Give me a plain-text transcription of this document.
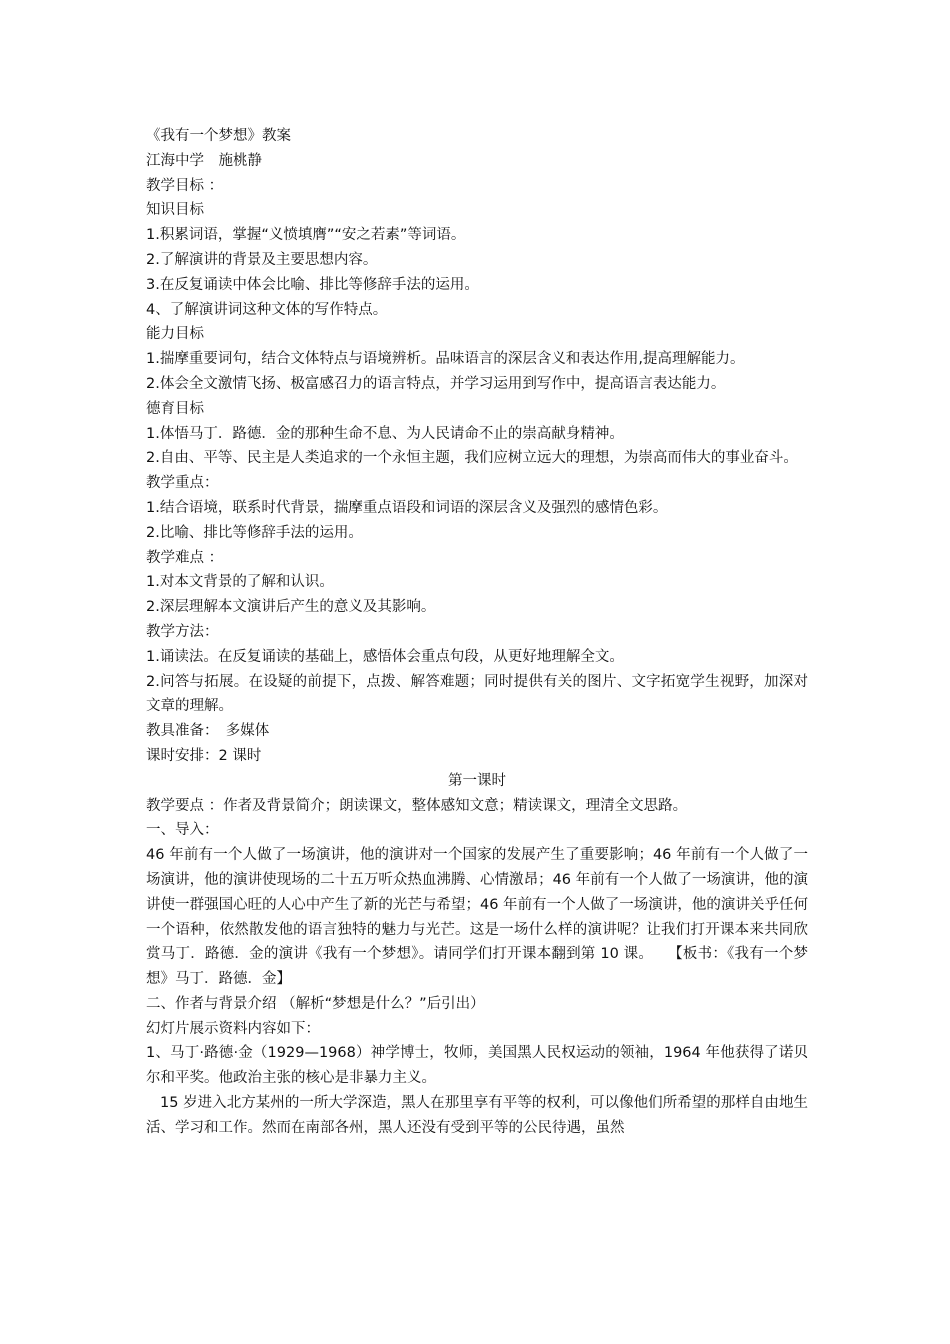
《我有一个梦想》教案

江海中学　施桃静

教学目标 ：

知识目标

1.积累词语，掌握“义愤填膺”“安之若素”等词语。

2.了解演讲的背景及主要思想内容。

3.在反复诵读中体会比喻、排比等修辞手法的运用。

4、了解演讲词这种文体的写作特点。

能力目标

1.揣摩重要词句，结合文体特点与语境辨析。品味语言的深层含义和表达作用,提高理解能力。

2.体会全文激情飞扬、极富感召力的语言特点，并学习运用到写作中，提高语言表达能力。

德育目标

1.体悟马丁．路德．金的那种生命不息、为人民请命不止的崇高献身精神。

2.自由、平等、民主是人类追求的一个永恒主题，我们应树立远大的理想，为崇高而伟大的事业奋斗。

教学重点：

1.结合语境，联系时代背景，揣摩重点语段和词语的深层含义及强烈的感情色彩。

2.比喻、排比等修辞手法的运用。

教学难点 ：

1.对本文背景的了解和认识。

2.深层理解本文演讲后产生的意义及其影响。

教学方法：

1.诵读法。在反复诵读的基础上，感悟体会重点句段，从更好地理解全文。

2.问答与拓展。在设疑的前提下，点拨、解答难题；同时提供有关的图片、文字拓宽学生视野，加深对文章的理解。

教具准备：　多媒体

课时安排：2 课时

第一课时

教学要点 ：作者及背景简介；朗读课文，整体感知文意；精读课文，理清全文思路。

一、导入：

46 年前有一个人做了一场演讲，他的演讲对一个国家的发展产生了重要影响；46 年前有一个人做了一场演讲，他的演讲使现场的二十五万听众热血沸腾、心情激昂；46 年前有一个人做了一场演讲，他的演讲使一群强国心旺的人心中产生了新的光芒与希望；46 年前有一个人做了一场演讲，他的演讲关乎任何一个语种，依然散发他的语言独特的魅力与光芒。这是一场什么样的演讲呢？让我们打开课本来共同欣赏马丁．路德．金的演讲《我有一个梦想》。请同学们打开课本翻到第 10 课。　　【板书：《我有一个梦想》马丁．路德．金】

二、作者与背景介绍 （解析“梦想是什么？”后引出）

幻灯片展示资料内容如下：

1、马丁·路德·金（1929—1968）神学博士，牧师，美国黑人民权运动的领袖，1964 年他获得了诺贝尔和平奖。他政治主张的核心是非暴力主义。

15 岁进入北方某州的一所大学深造，黑人在那里享有平等的权利，可以像他们所希望的那样自由地生活、学习和工作。然而在南部各州，黑人还没有受到平等的公民待遇，虽然
